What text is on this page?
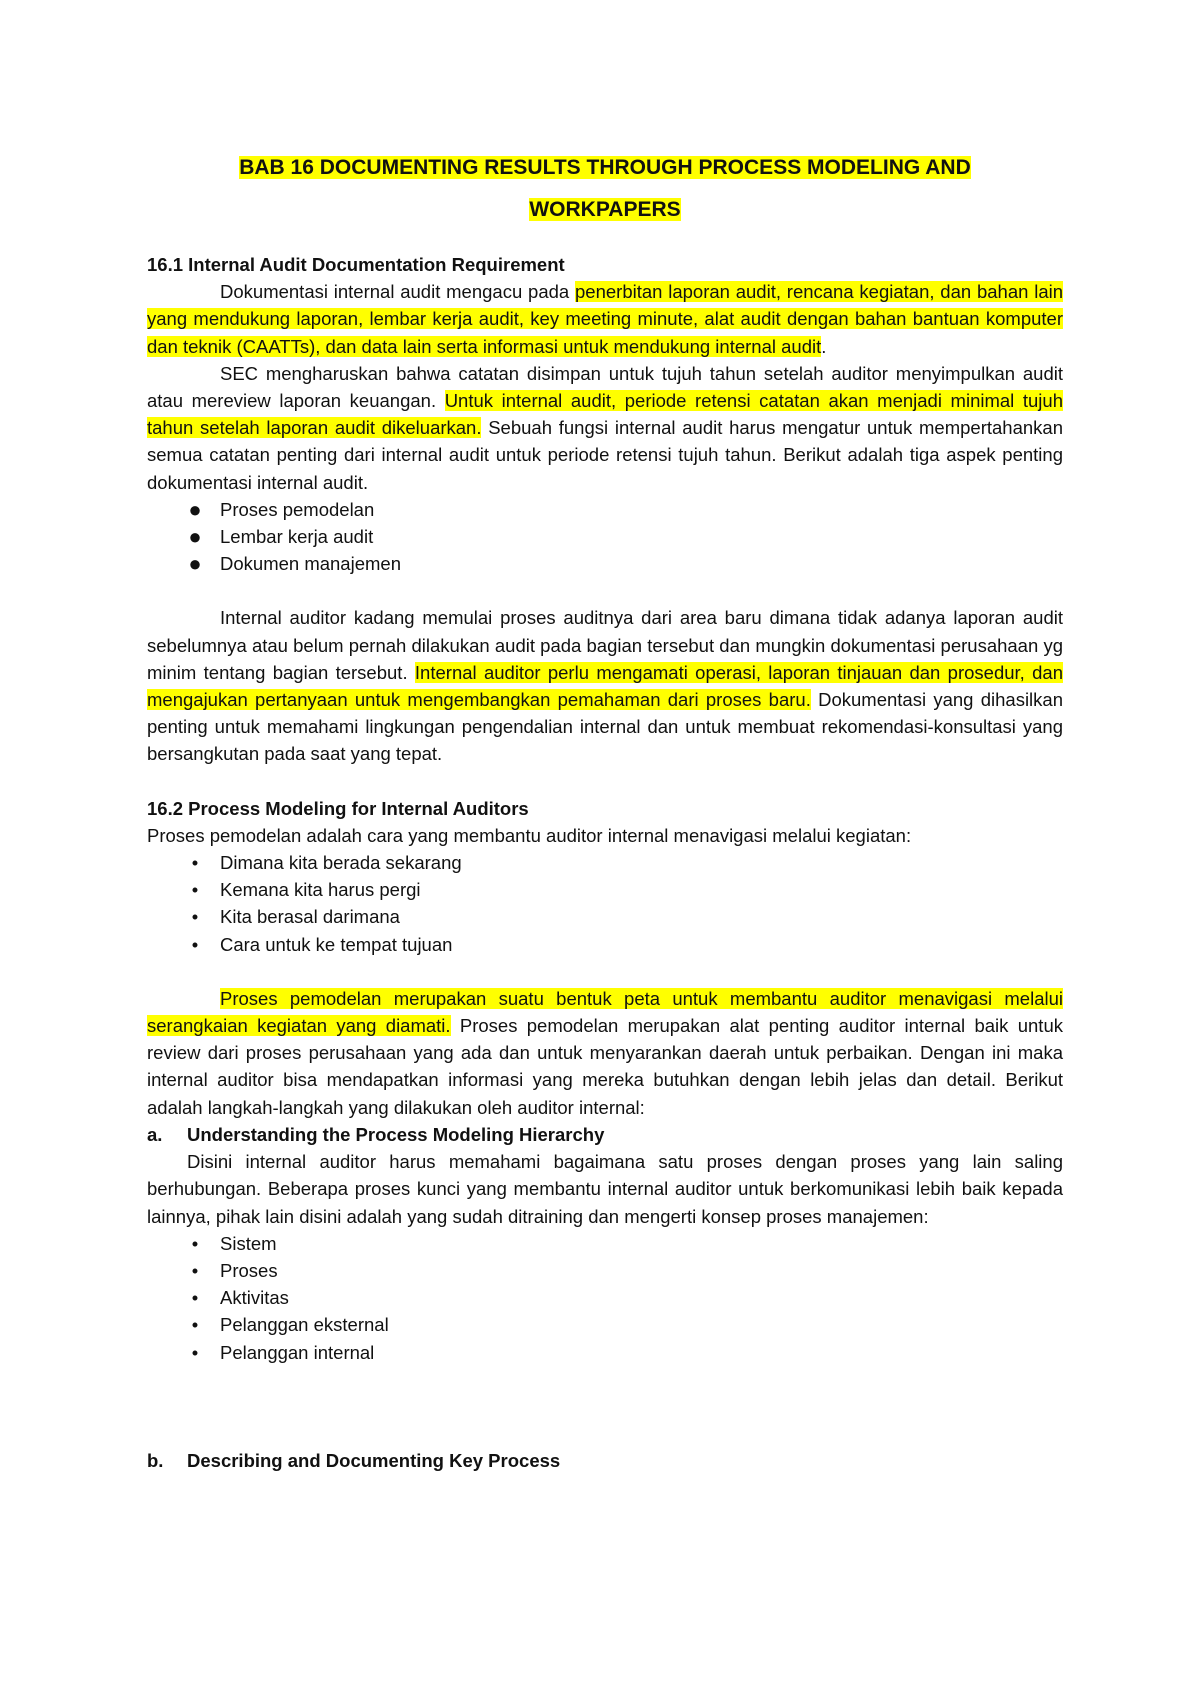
BAB 16 DOCUMENTING RESULTS THROUGH PROCESS MODELING AND
WORKPAPERS

16.1 Internal Audit Documentation Requirement

Dokumentasi internal audit mengacu pada penerbitan laporan audit, rencana kegiatan, dan bahan lain yang mendukung laporan, lembar kerja audit, key meeting minute, alat audit dengan bahan bantuan komputer dan teknik (CAATTs), dan data lain serta informasi untuk mendukung internal audit.

SEC mengharuskan bahwa catatan disimpan untuk tujuh tahun setelah auditor menyimpulkan audit atau mereview laporan keuangan. Untuk internal audit, periode retensi catatan akan menjadi minimal tujuh tahun setelah laporan audit dikeluarkan. Sebuah fungsi internal audit harus mengatur untuk mempertahankan semua catatan penting dari internal audit untuk periode retensi tujuh tahun. Berikut adalah tiga aspek penting dokumentasi internal audit.

● Proses pemodelan
● Lembar kerja audit
● Dokumen manajemen

Internal auditor kadang memulai proses auditnya dari area baru dimana tidak adanya laporan audit sebelumnya atau belum pernah dilakukan audit pada bagian tersebut dan mungkin dokumentasi perusahaan yg minim tentang bagian tersebut. Internal auditor perlu mengamati operasi, laporan tinjauan dan prosedur, dan mengajukan pertanyaan untuk mengembangkan pemahaman dari proses baru. Dokumentasi yang dihasilkan penting untuk memahami lingkungan pengendalian internal dan untuk membuat rekomendasi-konsultasi yang bersangkutan pada saat yang tepat.

16.2 Process Modeling for Internal Auditors

Proses pemodelan adalah cara yang membantu auditor internal menavigasi melalui kegiatan:

•	Dimana kita berada sekarang
•	Kemana kita harus pergi
•	Kita berasal darimana
•	Cara untuk ke tempat tujuan

Proses pemodelan merupakan suatu bentuk peta untuk membantu auditor menavigasi melalui serangkaian kegiatan yang diamati. Proses pemodelan merupakan alat penting auditor internal baik untuk review dari proses perusahaan yang ada dan untuk menyarankan daerah untuk perbaikan. Dengan ini maka internal auditor bisa mendapatkan informasi yang mereka butuhkan dengan lebih jelas dan detail. Berikut adalah langkah-langkah yang dilakukan oleh auditor internal:

a. Understanding the Process Modeling Hierarchy

Disini internal auditor harus memahami bagaimana satu proses dengan proses yang lain saling berhubungan. Beberapa proses kunci yang membantu internal auditor untuk berkomunikasi lebih baik kepada lainnya, pihak lain disini adalah yang sudah ditraining dan mengerti konsep proses manajemen:

•	Sistem
•	Proses
•	Aktivitas
•	Pelanggan eksternal
•	Pelanggan internal

b. Describing and Documenting Key Process
